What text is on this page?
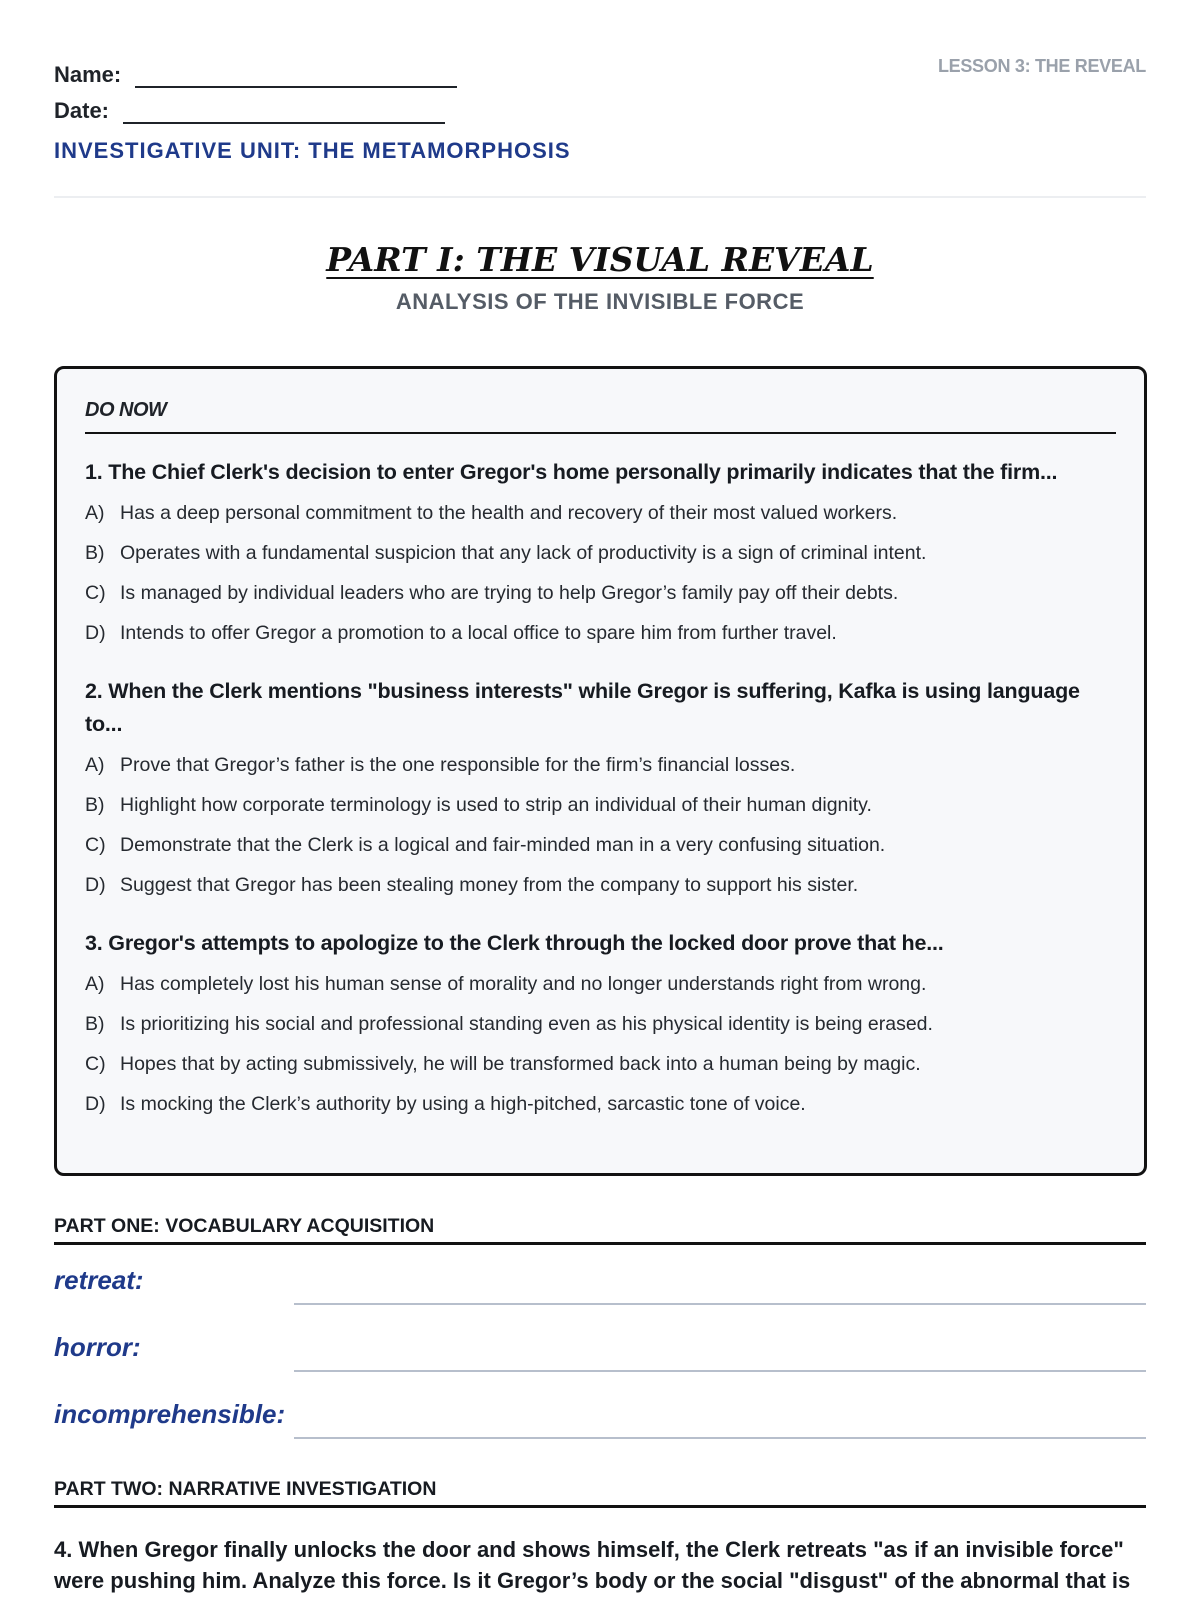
Name:
Date:
INVESTIGATIVE UNIT: THE METAMORPHOSIS
LESSON 3: THE REVEAL
PART I: THE VISUAL REVEAL
ANALYSIS OF THE INVISIBLE FORCE
DO NOW
1. The Chief Clerk's decision to enter Gregor's home personally primarily indicates that the firm...
A) Has a deep personal commitment to the health and recovery of their most valued workers.
B) Operates with a fundamental suspicion that any lack of productivity is a sign of criminal intent.
C) Is managed by individual leaders who are trying to help Gregor’s family pay off their debts.
D) Intends to offer Gregor a promotion to a local office to spare him from further travel.
2. When the Clerk mentions "business interests" while Gregor is suffering, Kafka is using language to...
A) Prove that Gregor’s father is the one responsible for the firm’s financial losses.
B) Highlight how corporate terminology is used to strip an individual of their human dignity.
C) Demonstrate that the Clerk is a logical and fair-minded man in a very confusing situation.
D) Suggest that Gregor has been stealing money from the company to support his sister.
3. Gregor's attempts to apologize to the Clerk through the locked door prove that he...
A) Has completely lost his human sense of morality and no longer understands right from wrong.
B) Is prioritizing his social and professional standing even as his physical identity is being erased.
C) Hopes that by acting submissively, he will be transformed back into a human being by magic.
D) Is mocking the Clerk’s authority by using a high-pitched, sarcastic tone of voice.
PART ONE: VOCABULARY ACQUISITION
retreat:
horror:
incomprehensible:
PART TWO: NARRATIVE INVESTIGATION
4. When Gregor finally unlocks the door and shows himself, the Clerk retreats "as if an invisible force" were pushing him. Analyze this force. Is it Gregor’s body or the social "disgust" of the abnormal that is
